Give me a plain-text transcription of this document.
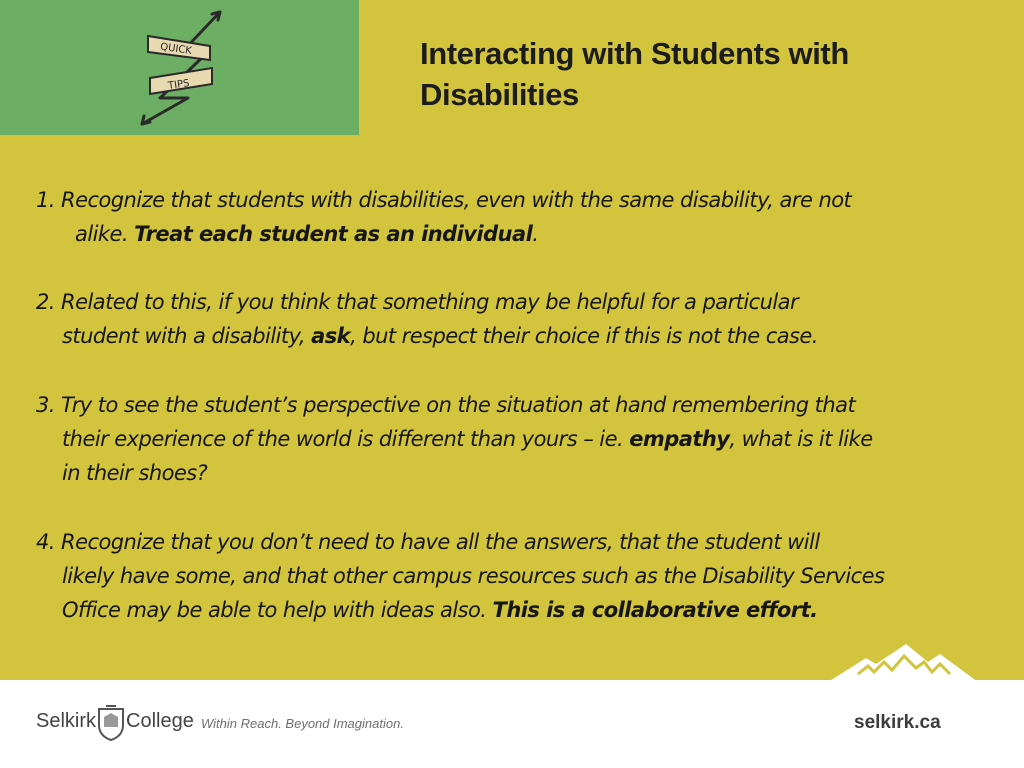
QUICK
TIPS
Interacting with Students with
Disabilities
1. Recognize that students with disabilities, even with the same disability, are not
alike. Treat each student as an individual.
2. Related to this, if you think that something may be helpful for a particular
student with a disability, ask, but respect their choice if this is not the case.
3. Try to see the student’s perspective on the situation at hand remembering that
their experience of the world is different than yours – ie. empathy, what is it like
in their shoes?
4. Recognize that you don’t need to have all the answers, that the student will
likely have some, and that other campus resources such as the Disability Services
Office may be able to help with ideas also. This is a collaborative effort.
Selkirk College Within Reach. Beyond Imagination.	selkirk.ca
